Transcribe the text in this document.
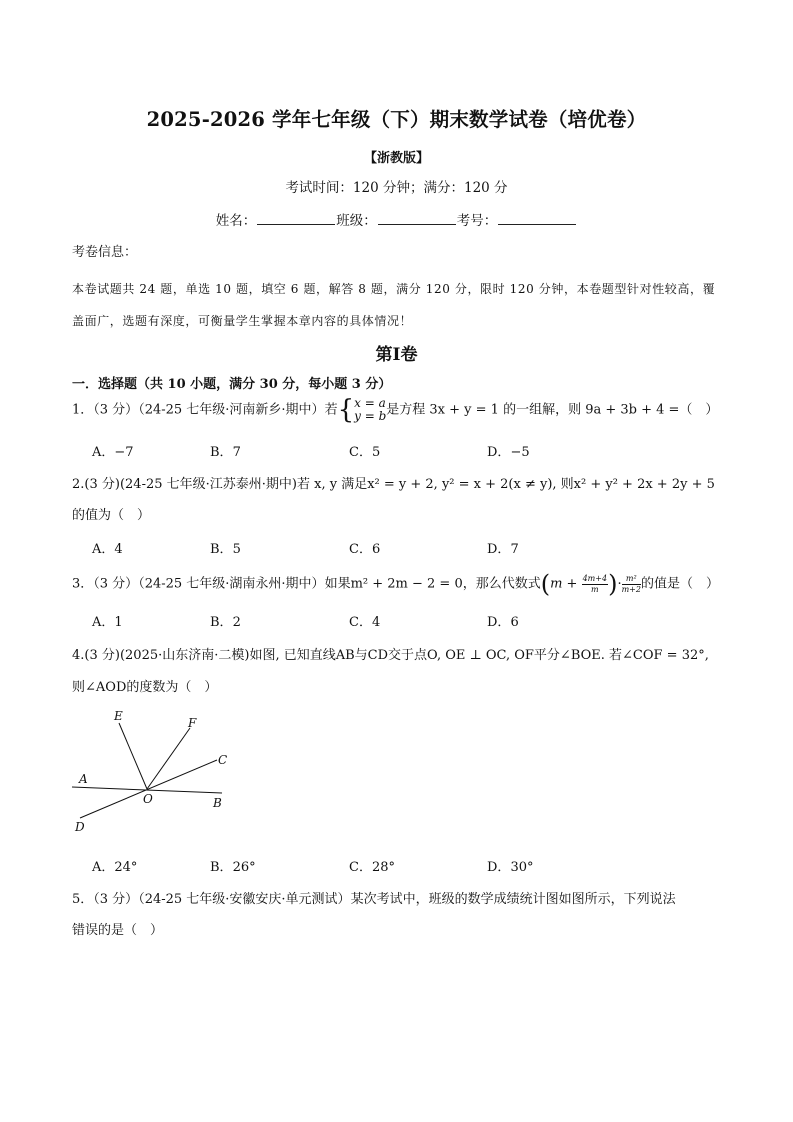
2025-2026 学年七年级（下）期末数学试卷（培优卷）
【浙教版】
考试时间：120 分钟；满分：120 分
姓名：	班级：	考号：
考卷信息：
本卷试题共 24 题，单选 10 题，填空 6 题，解答 8 题，满分 120 分，限时 120 分钟，本卷题型针对性较高，覆盖面广，选题有深度，可衡量学生掌握本章内容的具体情况！
第Ⅰ卷
一．选择题（共 10 小题，满分 30 分，每小题 3 分）
1．（3 分）（24-25 七年级·河南新乡·期中）若{ x = a
y = b 是方程 3x + y = 1 的一组解，则 9a + 3b + 4 =（　）
A．−7	B．7	C．5	D．−5
2.(3 分)(24-25 七年级·江苏泰州·期中)若 x, y 满足x² = y + 2, y² = x + 2(x ≠ y), 则x² + y² + 2x + 2y + 5
的值为（　）
A．4	B．5	C．6	D．7
3．（3 分）（24-25 七年级·湖南永州·期中）如果m² + 2m − 2 = 0，那么代数式($m + \frac{4m+4}{m}$ )· $\frac{\text{m²}}{m+2}$ 的值是（　）
A．1	B．2	C．4	D．6
4.(3 分)(2025·山东济南·二模)如图, 已知直线AB与CD交于点O, OE ⊥ OC, OF平分∠BOE. 若∠COF = 32°,
则∠AOD的度数为（　）
A
B
C
D
E	F
O
A．24°	B．26°	C．28°	D．30°
5．（3 分）（24-25 七年级·安徽安庆·单元测试）某次考试中，班级的数学成绩统计图如图所示，下列说法
错误的是（　）
